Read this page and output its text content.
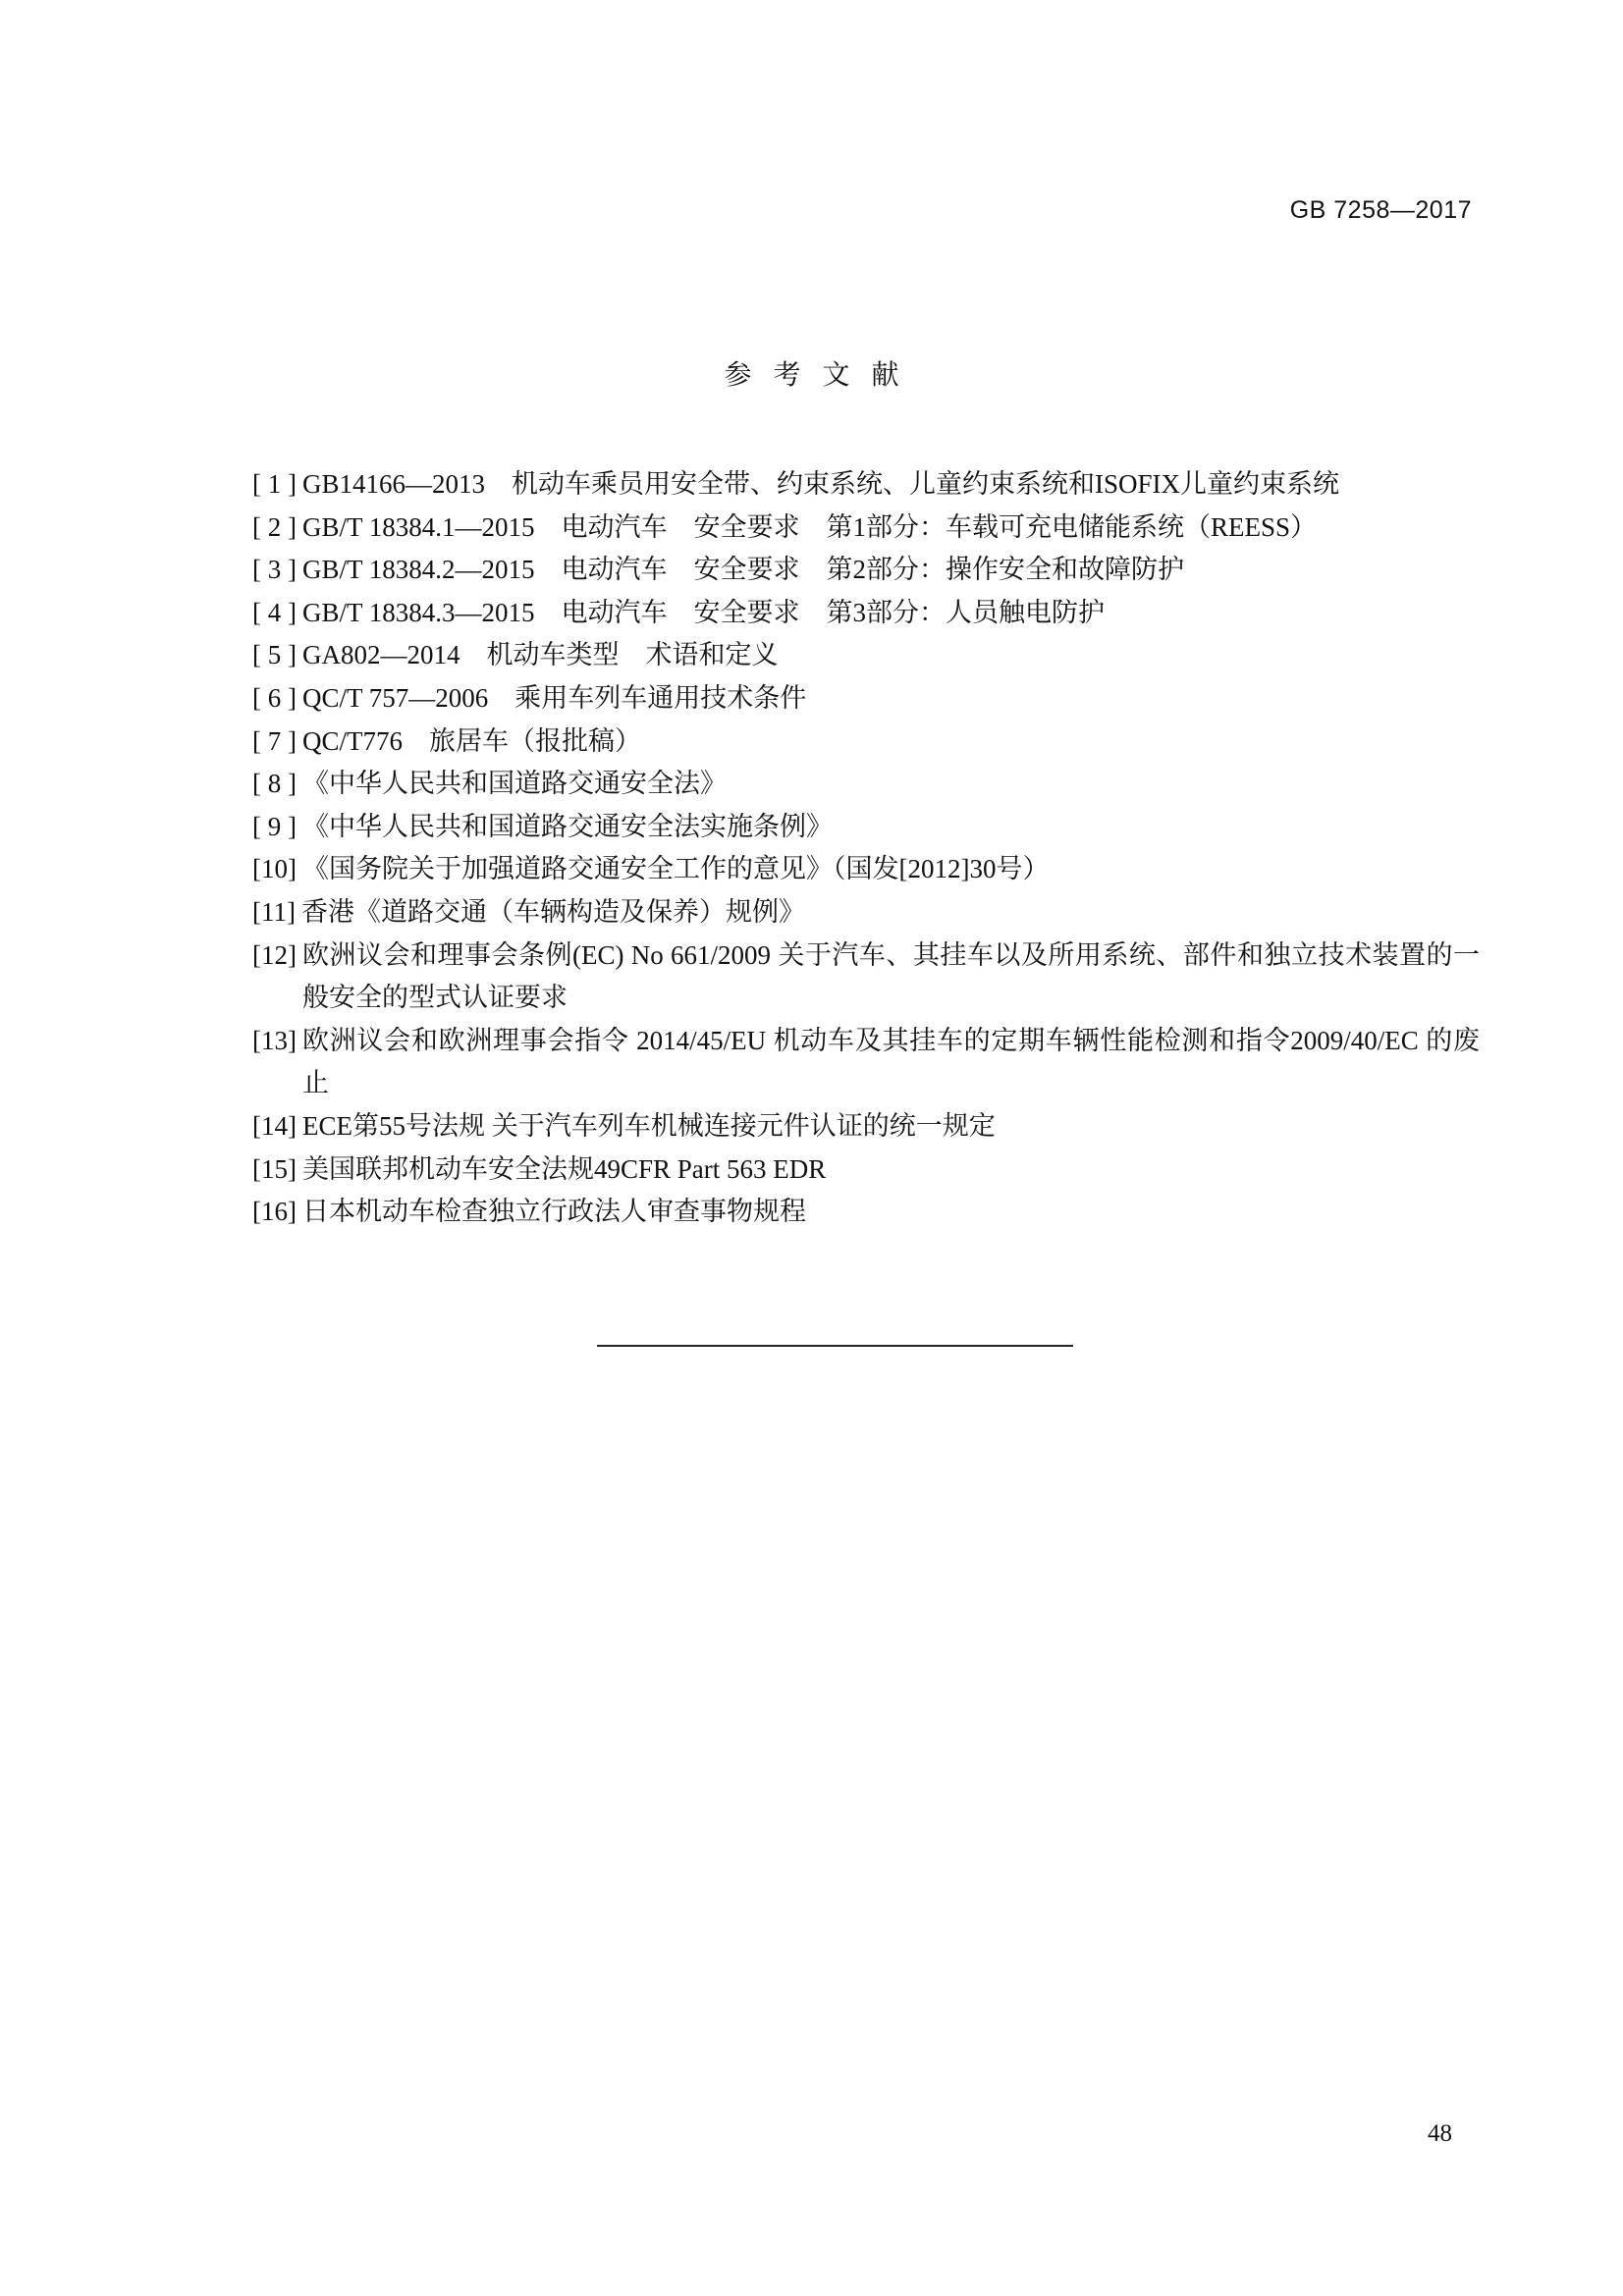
GB 7258—2017

参考文献
[ 1 ] GB14166—2013　机动车乘员用安全带、约束系统、儿童约束系统和ISOFIX儿童约束系统
[ 2 ] GB/T 18384.1—2015　电动汽车　安全要求　第1部分：车载可充电储能系统（REESS）
[ 3 ] GB/T 18384.2—2015　电动汽车　安全要求　第2部分：操作安全和故障防护
[ 4 ] GB/T 18384.3—2015　电动汽车　安全要求　第3部分：人员触电防护
[ 5 ] GA802—2014　机动车类型　术语和定义
[ 6 ] QC/T 757—2006　乘用车列车通用技术条件
[ 7 ] QC/T776　旅居车（报批稿）
[ 8 ] 《中华人民共和国道路交通安全法》
[ 9 ] 《中华人民共和国道路交通安全法实施条例》
[10] 《国务院关于加强道路交通安全工作的意见》（国发[2012]30号）
[11] 香港《道路交通（车辆构造及保养）规例》
[12] 欧洲议会和理事会条例(EC) No 661/2009 关于汽车、其挂车以及所用系统、部件和独立技术装置的一般安全的型式认证要求
[13] 欧洲议会和欧洲理事会指令 2014/45/EU 机动车及其挂车的定期车辆性能检测和指令2009/40/EC 的废止
[14] ECE第55号法规 关于汽车列车机械连接元件认证的统一规定
[15] 美国联邦机动车安全法规49CFR Part 563 EDR
[16] 日本机动车检查独立行政法人审查事物规程

48
